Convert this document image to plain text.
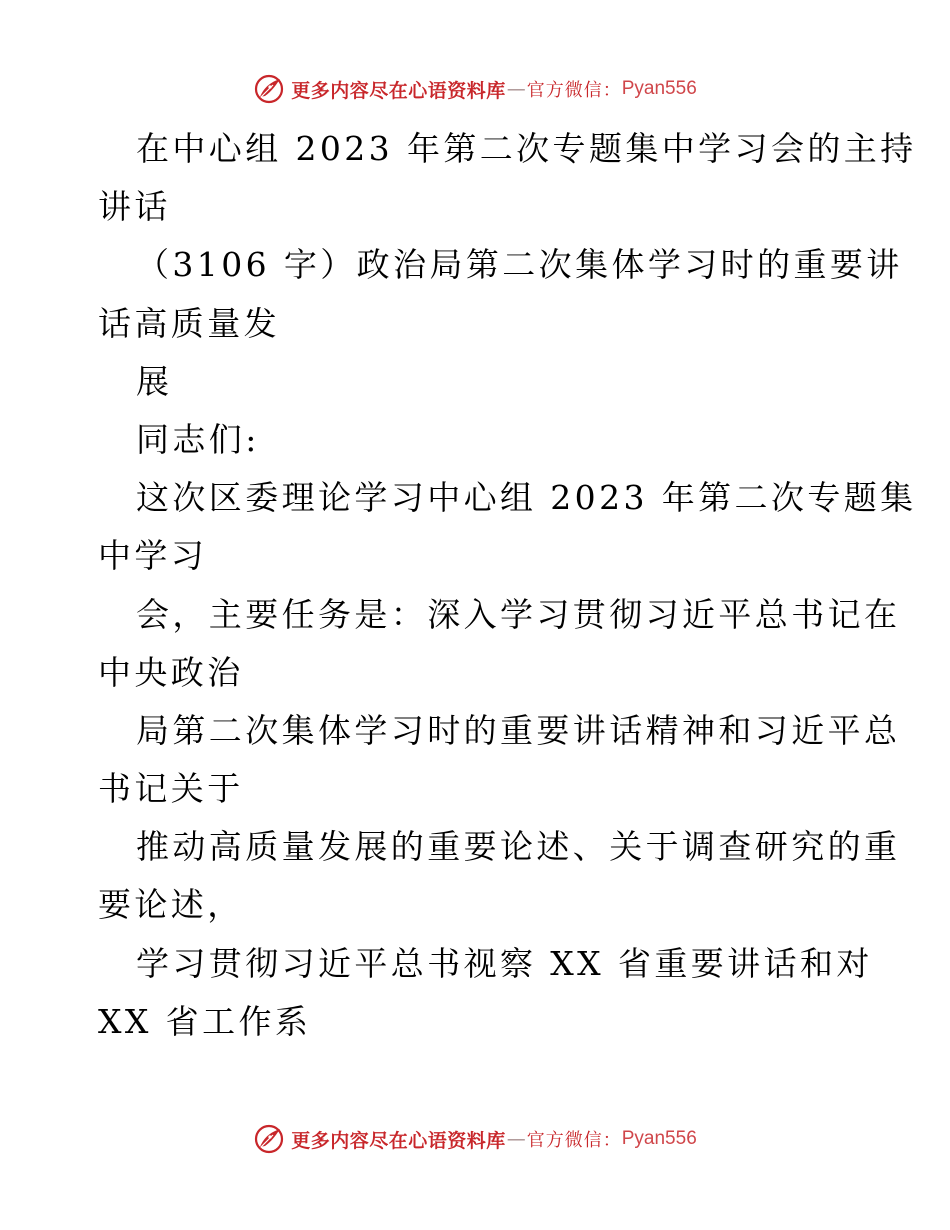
更多内容尽在心语资料库 — 官方微信： Pyan556
在中心组 2023 年第二次专题集中学习会的主持
讲话
（3106 字）政治局第二次集体学习时的重要讲
话高质量发
展
同志们:
这次区委理论学习中心组 2023 年第二次专题集
中学习
会，主要任务是：深入学习贯彻习近平总书记在
中央政治
局第二次集体学习时的重要讲话精神和习近平总
书记关于
推动高质量发展的重要论述、关于调查研究的重
要论述，
学习贯彻习近平总书视察 XX 省重要讲话和对
XX 省工作系
更多内容尽在心语资料库 — 官方微信： Pyan556
